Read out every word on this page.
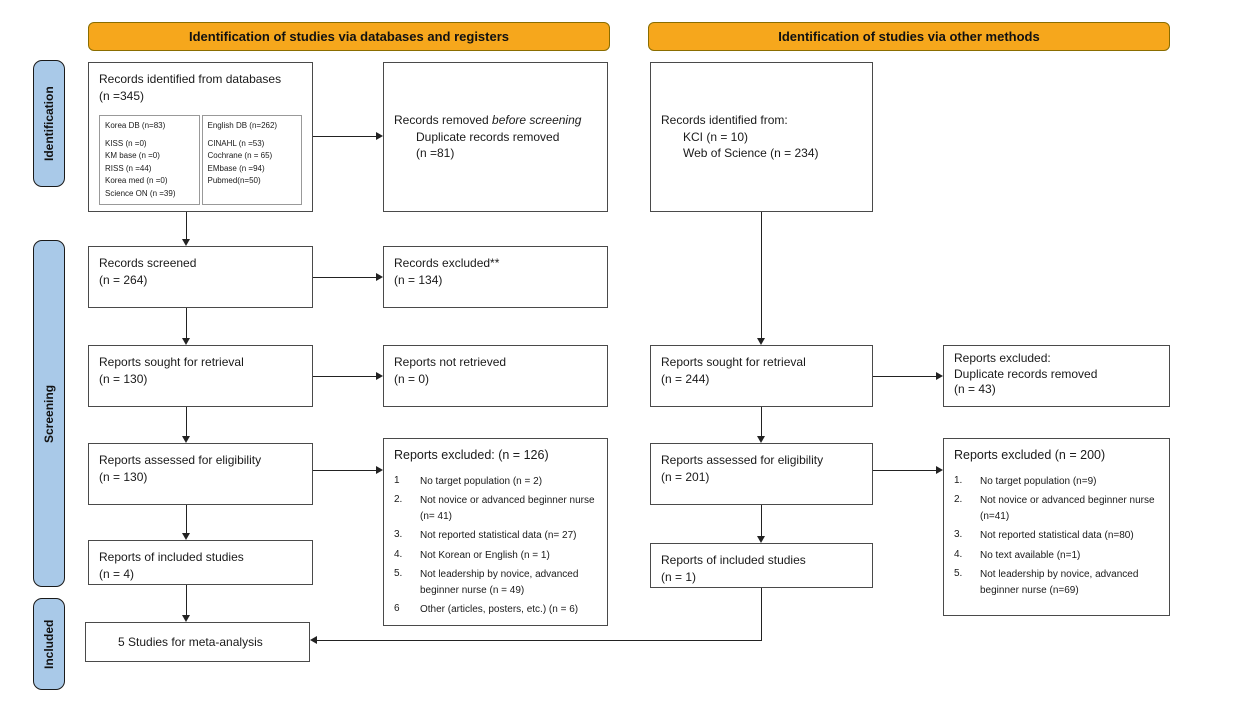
Identification of studies via databases and registers	Identification of studies via other methods
Identification
Screening
Included
Records identified from databases
(n =345)
Korea DB (n=83)
KISS (n =0)
KM base (n =0)
RISS (n =44)
Korea med (n =0)
Science ON (n =39)
English DB (n=262)
CINAHL (n =53)
Cochrane (n = 65)
EMbase (n =94)
Pubmed(n=50)
Records removed before screening
Duplicate records removed
(n =81)
Records screened
(n = 264)
Records excluded**
(n = 134)
Reports sought for retrieval
(n = 130)
Reports not retrieved
(n = 0)
Reports assessed for eligibility
(n = 130)
Reports excluded: (n = 126)
1	No target population (n = 2)
2.	Not novice or advanced beginner nurse (n= 41)
3.	Not reported statistical data (n= 27)
4.	Not Korean or English (n = 1)
5.	Not leadership by novice, advanced beginner nurse (n = 49)
6	Other (articles, posters, etc.) (n = 6)
Reports of included studies
(n = 4)
5 Studies for meta-analysis
Records identified from:
KCI (n = 10)
Web of Science (n = 234)
Reports sought for retrieval
(n = 244)
Reports excluded:
Duplicate records removed
(n = 43)
Reports assessed for eligibility
(n = 201)
Reports excluded (n = 200)
1.	No target population (n=9)
2.	Not novice or advanced beginner nurse (n=41)
3.	Not reported statistical data (n=80)
4.	No text available (n=1)
5.	Not leadership by novice, advanced beginner nurse (n=69)
Reports of included studies
(n = 1)
